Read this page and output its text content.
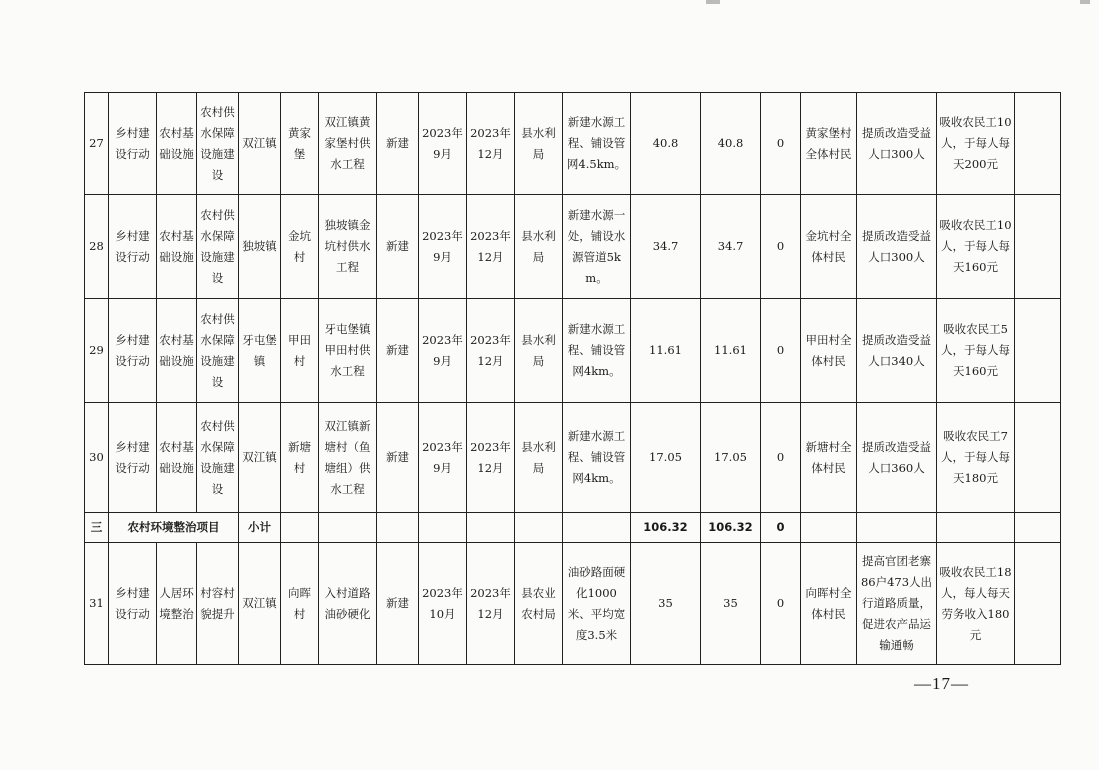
27	乡村建设行动	农村基础设施	农村供水保障设施建设	双江镇	黄家堡	双江镇黄家堡村供水工程	新建	2023年9月	2023年12月	县水利局	新建水源工程、铺设管网4.5km。	40.8	40.8	0	黄家堡村全体村民	提质改造受益人口300人	吸收农民工10人，于每人每天200元	
28	乡村建设行动	农村基础设施	农村供水保障设施建设	独坡镇	金坑村	独坡镇金坑村供水工程	新建	2023年9月	2023年12月	县水利局	新建水源一处，铺设水源管道5km。	34.7	34.7	0	金坑村全体村民	提质改造受益人口300人	吸收农民工10人，于每人每天160元	
29	乡村建设行动	农村基础设施	农村供水保障设施建设	牙屯堡镇	甲田村	牙屯堡镇甲田村供水工程	新建	2023年9月	2023年12月	县水利局	新建水源工程、铺设管网4km。	11.61	11.61	0	甲田村全体村民	提质改造受益人口340人	吸收农民工5人，于每人每天160元	
30	乡村建设行动	农村基础设施	农村供水保障设施建设	双江镇	新塘村	双江镇新塘村（鱼塘组）供水工程	新建	2023年9月	2023年12月	县水利局	新建水源工程、铺设管网4km。	17.05	17.05	0	新塘村全体村民	提质改造受益人口360人	吸收农民工7人，于每人每天180元	
三	农村环境整治项目			小计								106.32	106.32	0				
31	乡村建设行动	人居环境整治	村容村貌提升	双江镇	向晖村	入村道路油砂硬化	新建	2023年10月	2023年12月	县农业农村局	油砂路面硬化1000米、平均宽度3.5米	35	35	0	向晖村全体村民	提高官团老寨86户473人出行道路质量，促进农产品运输通畅	吸收农民工18人，每人每天劳务收入180元	
—17—
